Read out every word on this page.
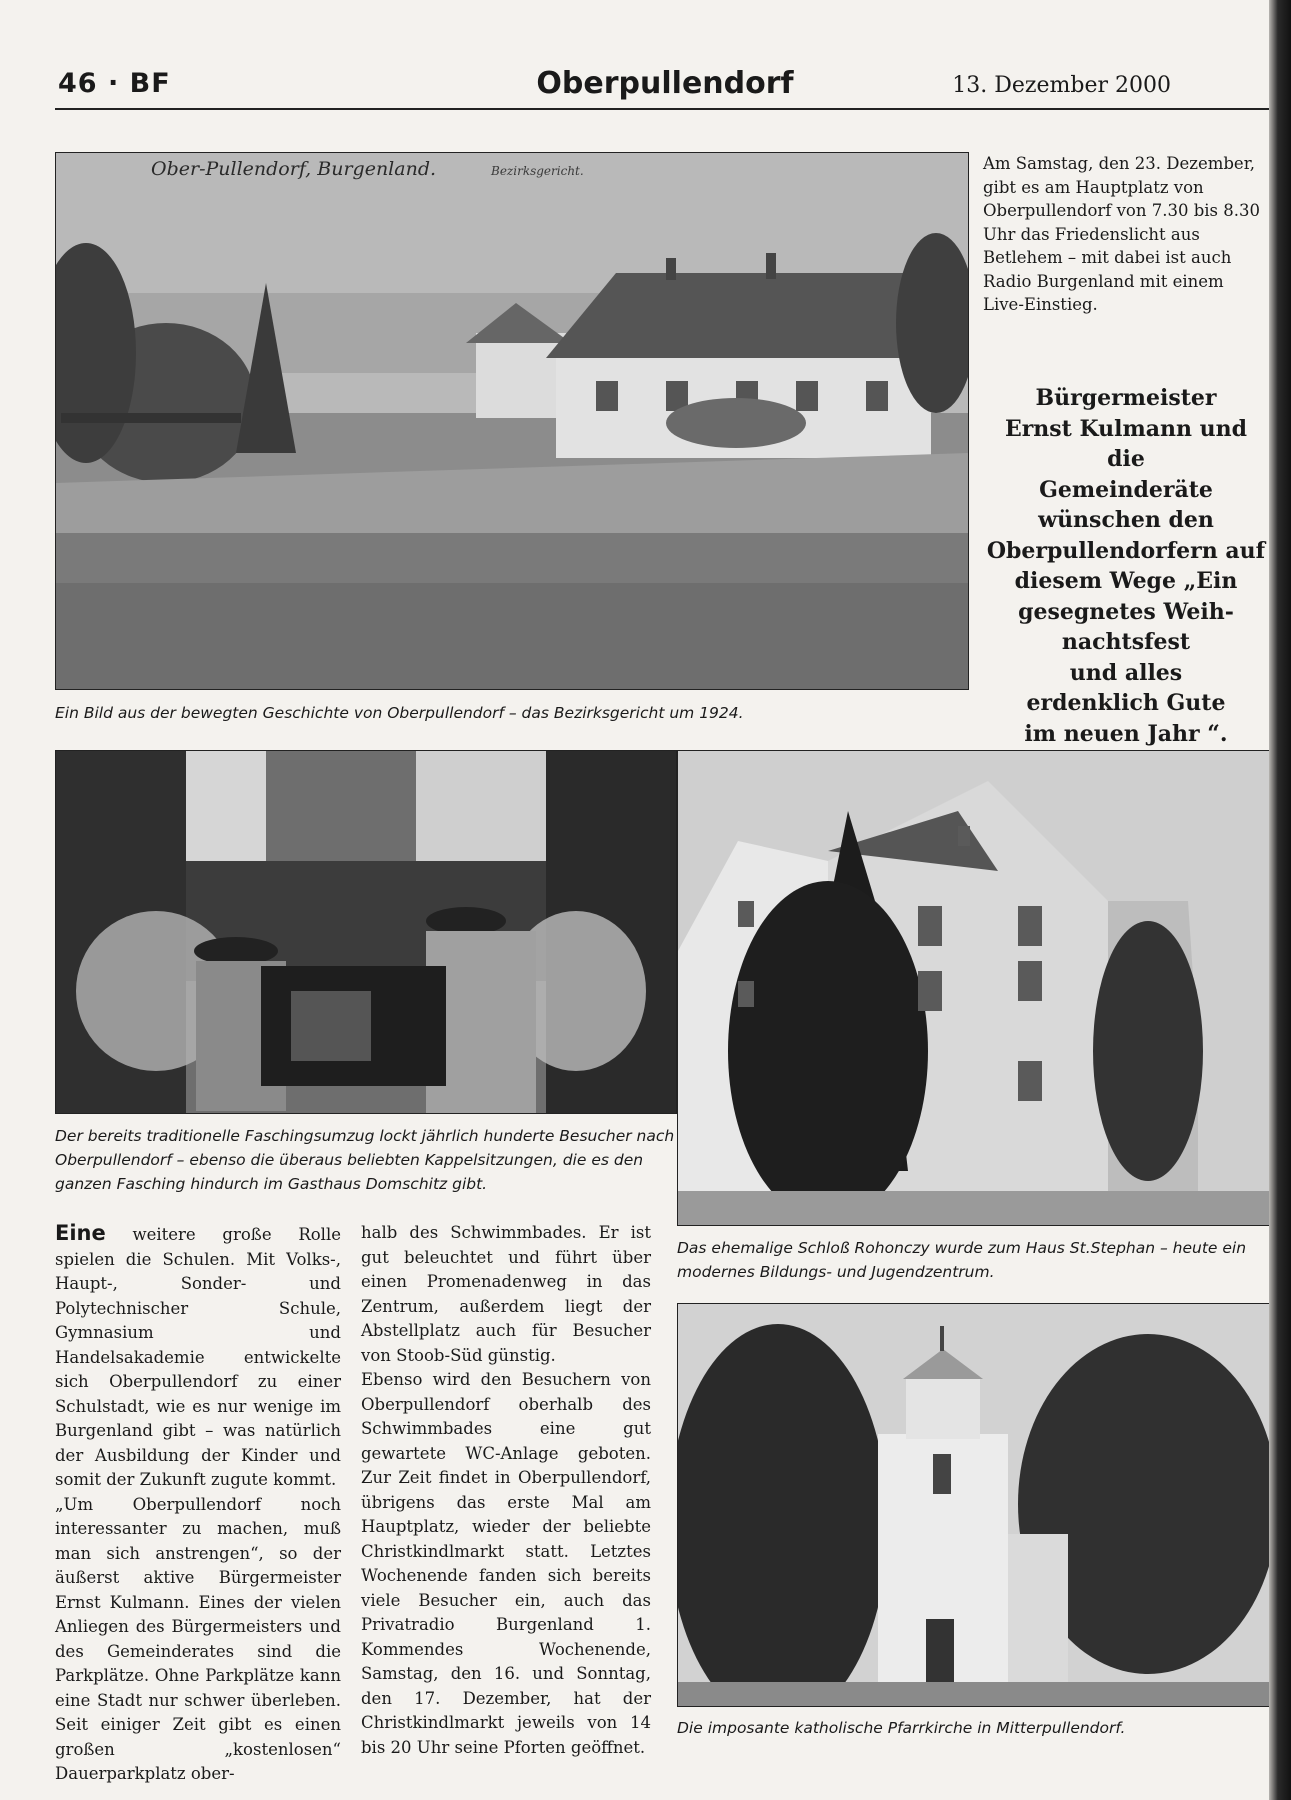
46 · BF	Oberpullendorf	13. Dezember 2000
Ober-Pullendorf, Burgenland.	Bezirksgericht.
Ein Bild aus der bewegten Geschichte von Oberpullendorf – das Bezirksgericht um 1924.
Am Samstag, den 23. Dezember, gibt es am Hauptplatz von Oberpullendorf von 7.30 bis 8.30 Uhr das Friedenslicht aus Betlehem – mit dabei ist auch Radio Burgenland mit einem Live-Einstieg.
Bürgermeister
Ernst Kulmann und die
Gemeinderäte
wünschen den
Oberpullendorfern auf
diesem Wege „Ein
gesegnetes Weih-
nachtsfest
und alles
erdenklich Gute
im neuen Jahr “.
Der bereits traditionelle Faschingsumzug lockt jährlich hunderte Besucher nach Oberpullendorf – ebenso die überaus beliebten Kappelsitzungen, die es den ganzen Fasching hindurch im Gasthaus Domschitz gibt.
Das ehemalige Schloß Rohonczy wurde zum Haus St.Stephan – heute ein modernes Bildungs- und Jugendzentrum.
Die imposante katholische Pfarrkirche in Mitterpullendorf.

Eine weitere große Rolle spielen die Schulen. Mit Volks-, Haupt-, Sonder- und Polytechnischer Schule, Gymnasium und Handelsakademie entwickelte sich Oberpullendorf zu einer Schulstadt, wie es nur wenige im Burgenland gibt – was natürlich der Ausbildung der Kinder und somit der Zukunft zugute kommt.

„Um Oberpullendorf noch interessanter zu machen, muß man sich anstrengen“, so der äußerst aktive Bürgermeister Ernst Kulmann. Eines der vielen Anliegen des Bürgermeisters und des Gemeinderates sind die Parkplätze. Ohne Parkplätze kann eine Stadt nur schwer überleben. Seit einiger Zeit gibt es einen großen „kostenlosen“ Dauerparkplatz ober-

halb des Schwimmbades. Er ist gut beleuchtet und führt über einen Promenadenweg in das Zentrum, außerdem liegt der Abstellplatz auch für Besucher von Stoob-Süd günstig.

Ebenso wird den Besuchern von Oberpullendorf oberhalb des Schwimmbades eine gut gewartete WC-Anlage geboten. Zur Zeit findet in Oberpullendorf, übrigens das erste Mal am Hauptplatz, wieder der beliebte Christkindlmarkt statt. Letztes Wochenende fanden sich bereits viele Besucher ein, auch das Privatradio Burgenland 1. Kommendes Wochenende, Samstag, den 16. und Sonntag, den 17. Dezember, hat der Christkindlmarkt jeweils von 14 bis 20 Uhr seine Pforten geöffnet.
